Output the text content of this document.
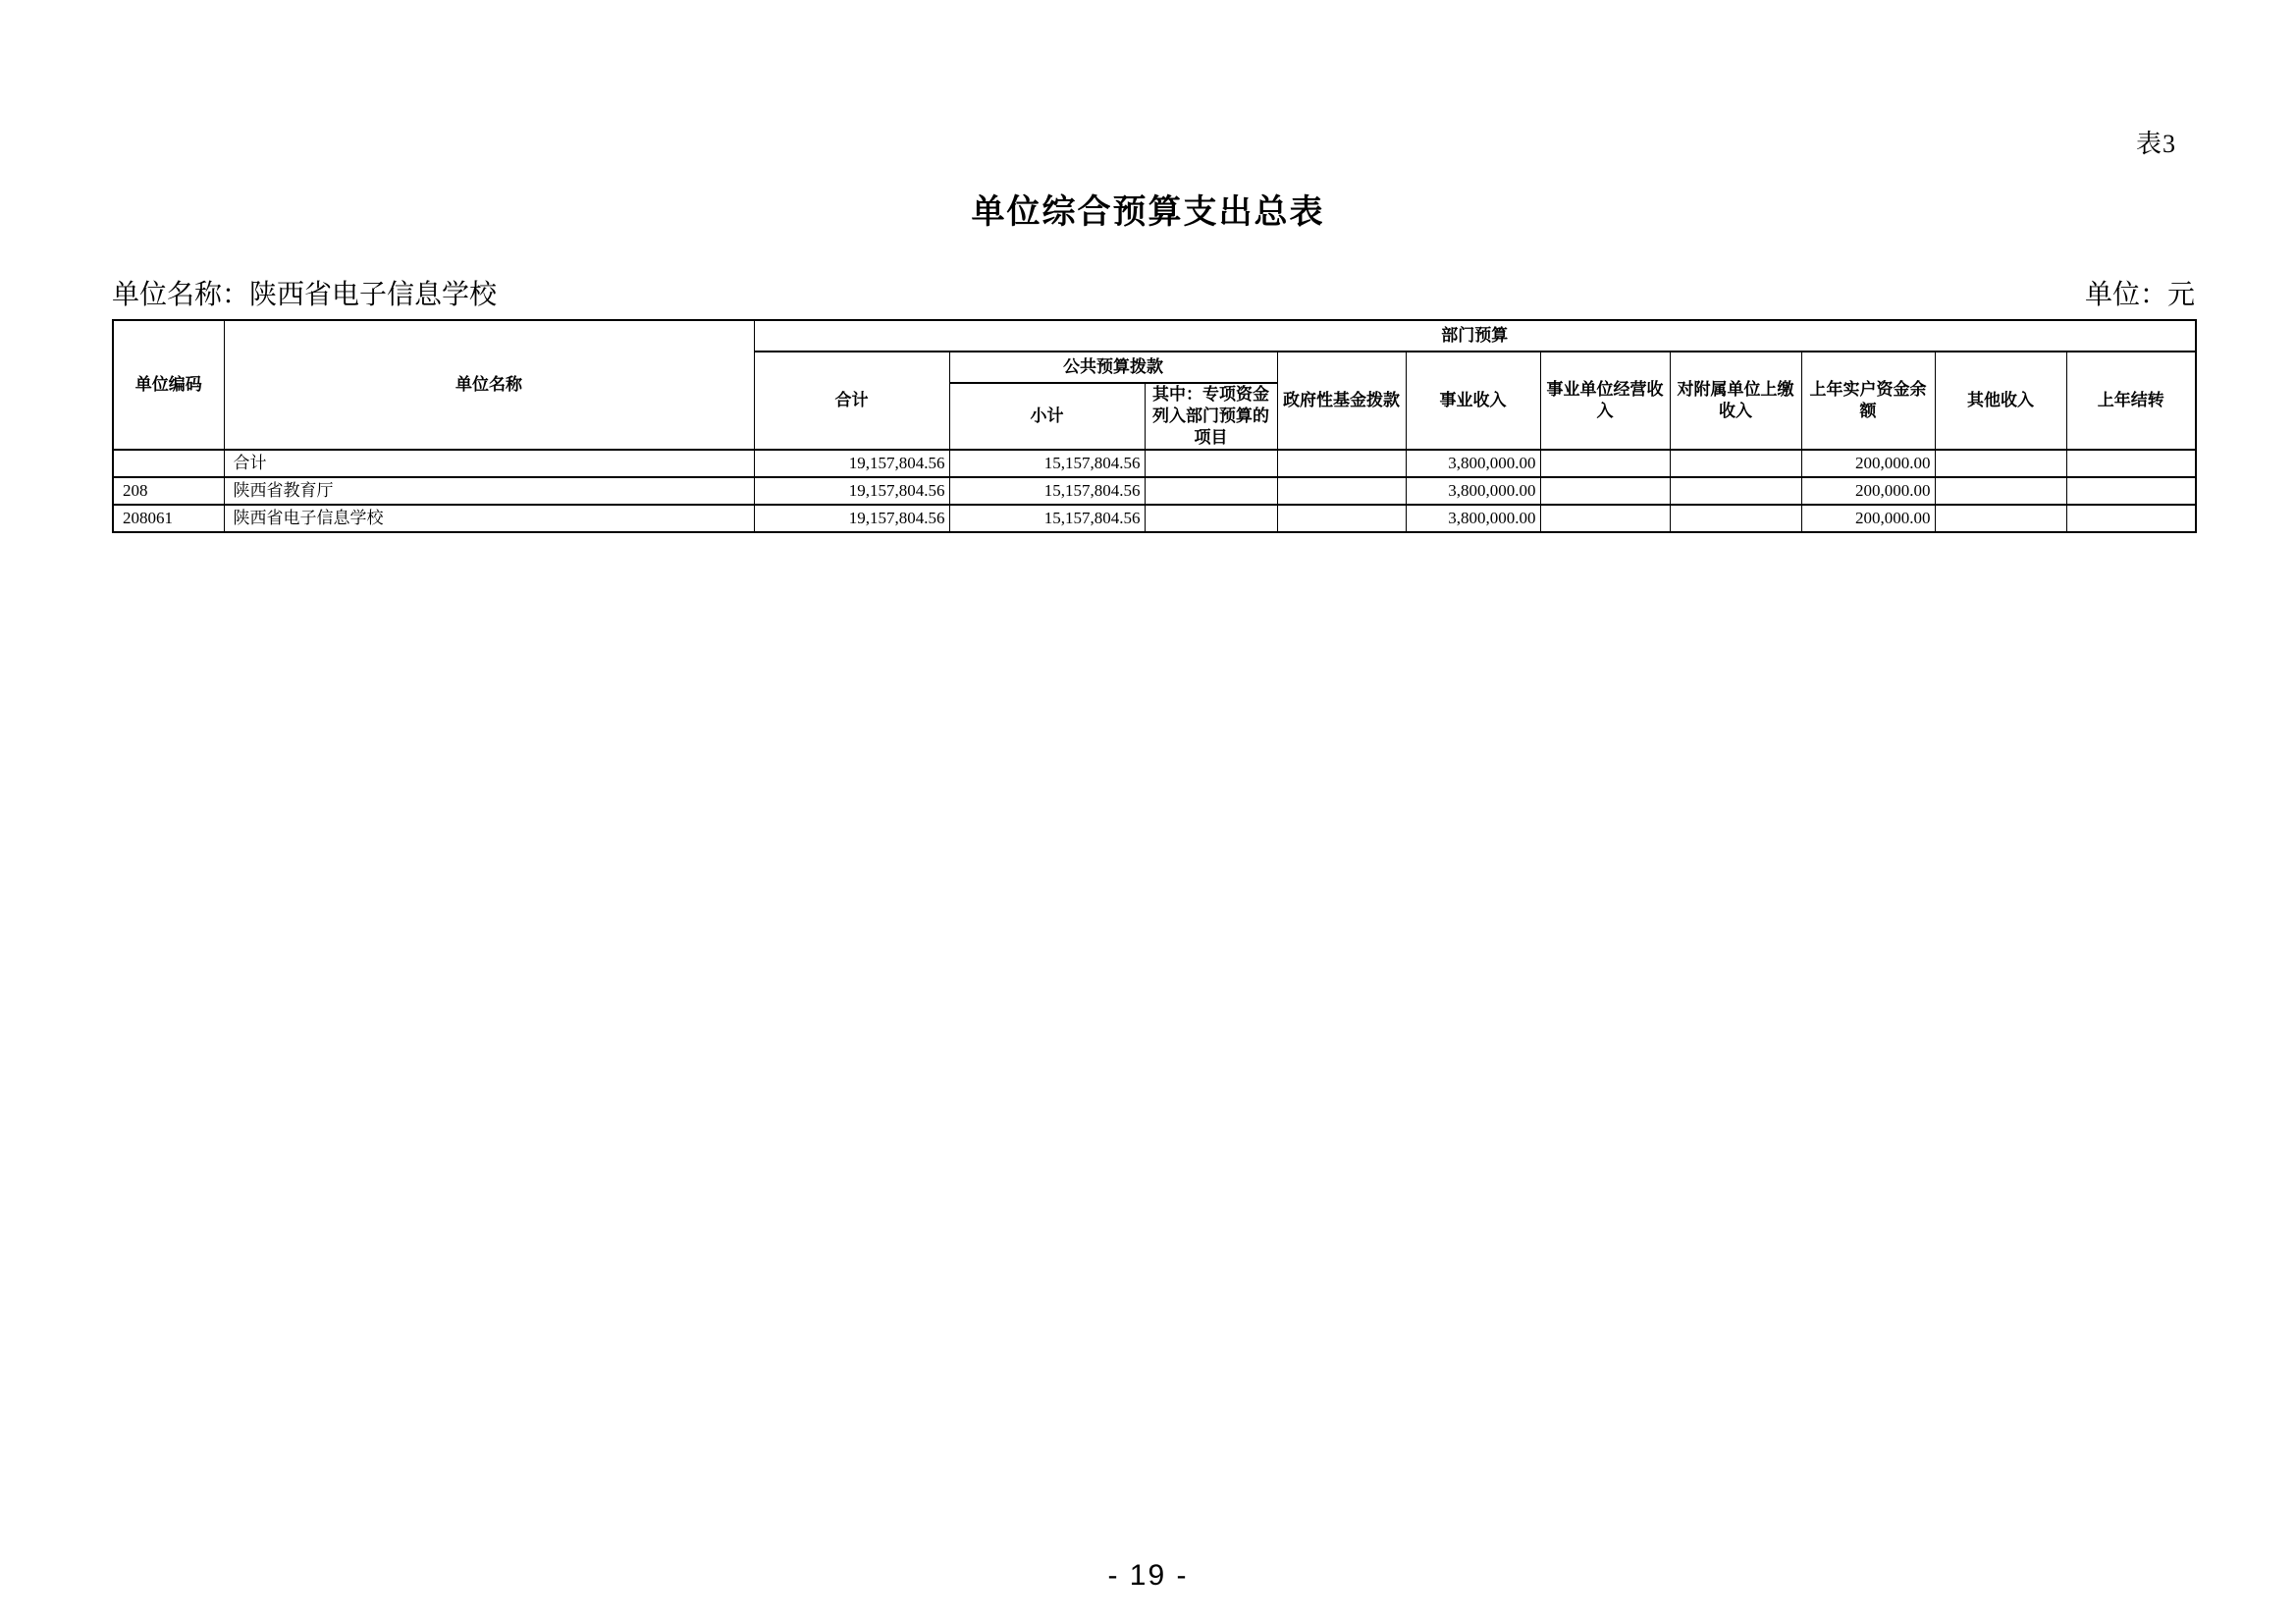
表3
单位综合预算支出总表
单位名称：陕西省电子信息学校	单位：元
单位编码	单位名称	部门预算									
		合计	公共预算拨款		政府性基金拨款	事业收入	事业单位经营收入	对附属单位上缴收入	上年实户资金余额	其他收入	上年结转
			小计	其中：专项资金列入部门预算的项目							
	合计	19,157,804.56	15,157,804.56			3,800,000.00			200,000.00		
208	陕西省教育厅	19,157,804.56	15,157,804.56			3,800,000.00			200,000.00		
208061	陕西省电子信息学校	19,157,804.56	15,157,804.56			3,800,000.00			200,000.00		
- 19 -
